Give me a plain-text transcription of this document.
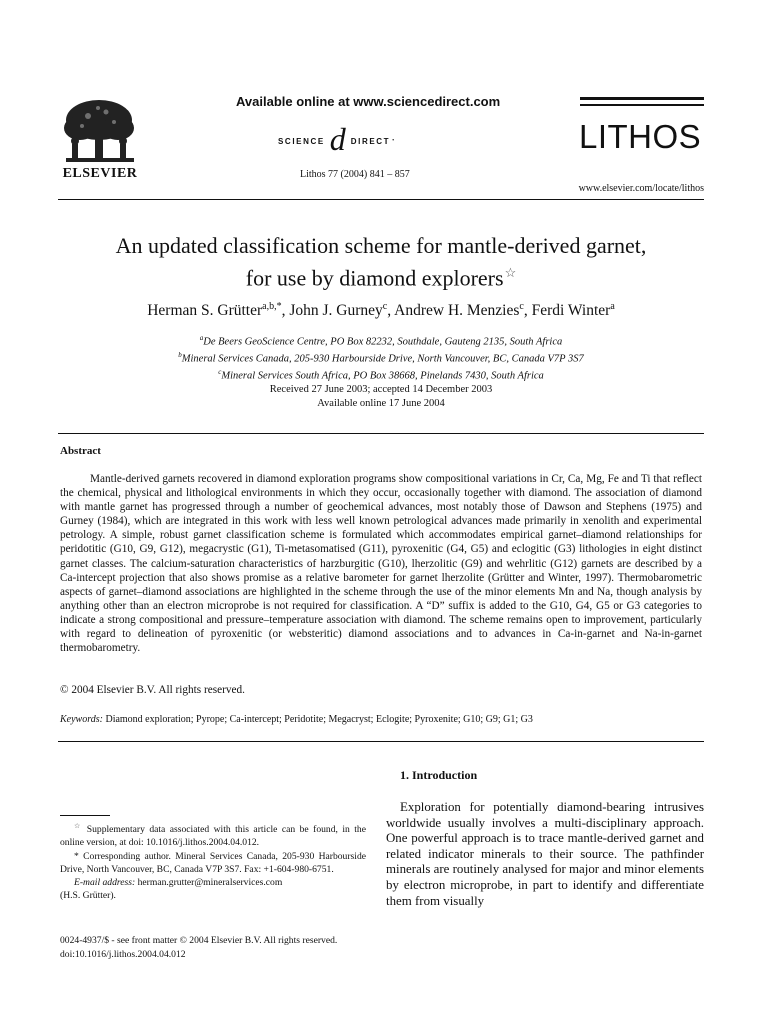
ELSEVIER
Available online at www.sciencedirect.com
SCIENCE d DIRECT •
Lithos 77 (2004) 841 – 857
LITHOS
www.elsevier.com/locate/lithos
An updated classification scheme for mantle-derived garnet,
for use by diamond explorers☆
Herman S. Grütter$^{a,b,*}$, John J. Gurney$^c$, Andrew H. Menzies$^c$, Ferdi Winter$^a$
$^a$De Beers GeoScience Centre, PO Box 82232, Southdale, Gauteng 2135, South Africa
$^b$Mineral Services Canada, 205-930 Harbourside Drive, North Vancouver, BC, Canada V7P 3S7
$^c$Mineral Services South Africa, PO Box 38668, Pinelands 7430, South Africa
Received 27 June 2003; accepted 14 December 2003
Available online 17 June 2004
Abstract
Mantle-derived garnets recovered in diamond exploration programs show compositional variations in Cr, Ca, Mg, Fe and Ti that reflect the chemical, physical and lithological environments in which they occur, occasionally together with diamond. The association of diamond with mantle garnet has progressed through a number of geochemical advances, most notably those of Dawson and Stephens (1975) and Gurney (1984), which are integrated in this work with less well known petrological advances made primarily in xenolith and experimental petrology. A simple, robust garnet classification scheme is formulated which accommodates empirical garnet–diamond relationships for peridotitic (G10, G9, G12), megacrystic (G1), Ti-metasomatised (G11), pyroxenitic (G4, G5) and eclogitic (G3) lithologies in eight distinct garnet classes. The calcium-saturation characteristics of harzburgitic (G10), lherzolitic (G9) and wehrlitic (G12) garnets are described by a Ca-intercept projection that also shows promise as a relative barometer for garnet lherzolite (Grütter and Winter, 1997). Thermobarometric aspects of garnet–diamond associations are highlighted in the scheme through the use of the minor elements Mn and Na, though analysis by anything other than an electron microprobe is not required for classification. A “D” suffix is added to the G10, G4, G5 or G3 categories to indicate a strong compositional and pressure–temperature association with diamond. The scheme remains open to improvement, particularly with regard to delineation of pyroxenitic (or websteritic) diamond associations and to advances in Ca-in-garnet and Na-in-garnet thermobarometry.
© 2004 Elsevier B.V. All rights reserved.
Keywords: Diamond exploration; Pyrope; Ca-intercept; Peridotite; Megacryst; Eclogite; Pyroxenite; G10; G9; G1; G3
1. Introduction
Exploration for potentially diamond-bearing intrusives worldwide usually involves a multi-disciplinary approach. One powerful approach is to trace mantle-derived garnet and related indicator minerals to their source. The pathfinder minerals are routinely analysed for major and minor elements by electron microprobe, in part to identify and differentiate them from visually

☆ Supplementary data associated with this article can be found, in the online version, at doi: 10.1016/j.lithos.2004.04.012.

* Corresponding author. Mineral Services Canada, 205-930 Harbourside Drive, North Vancouver, BC, Canada V7P 3S7. Fax: +1-604-980-6751.

E-mail address: herman.grutter@mineralservices.com

(H.S. Grütter).

0024-4937/$ - see front matter © 2004 Elsevier B.V. All rights reserved.
doi:10.1016/j.lithos.2004.04.012
